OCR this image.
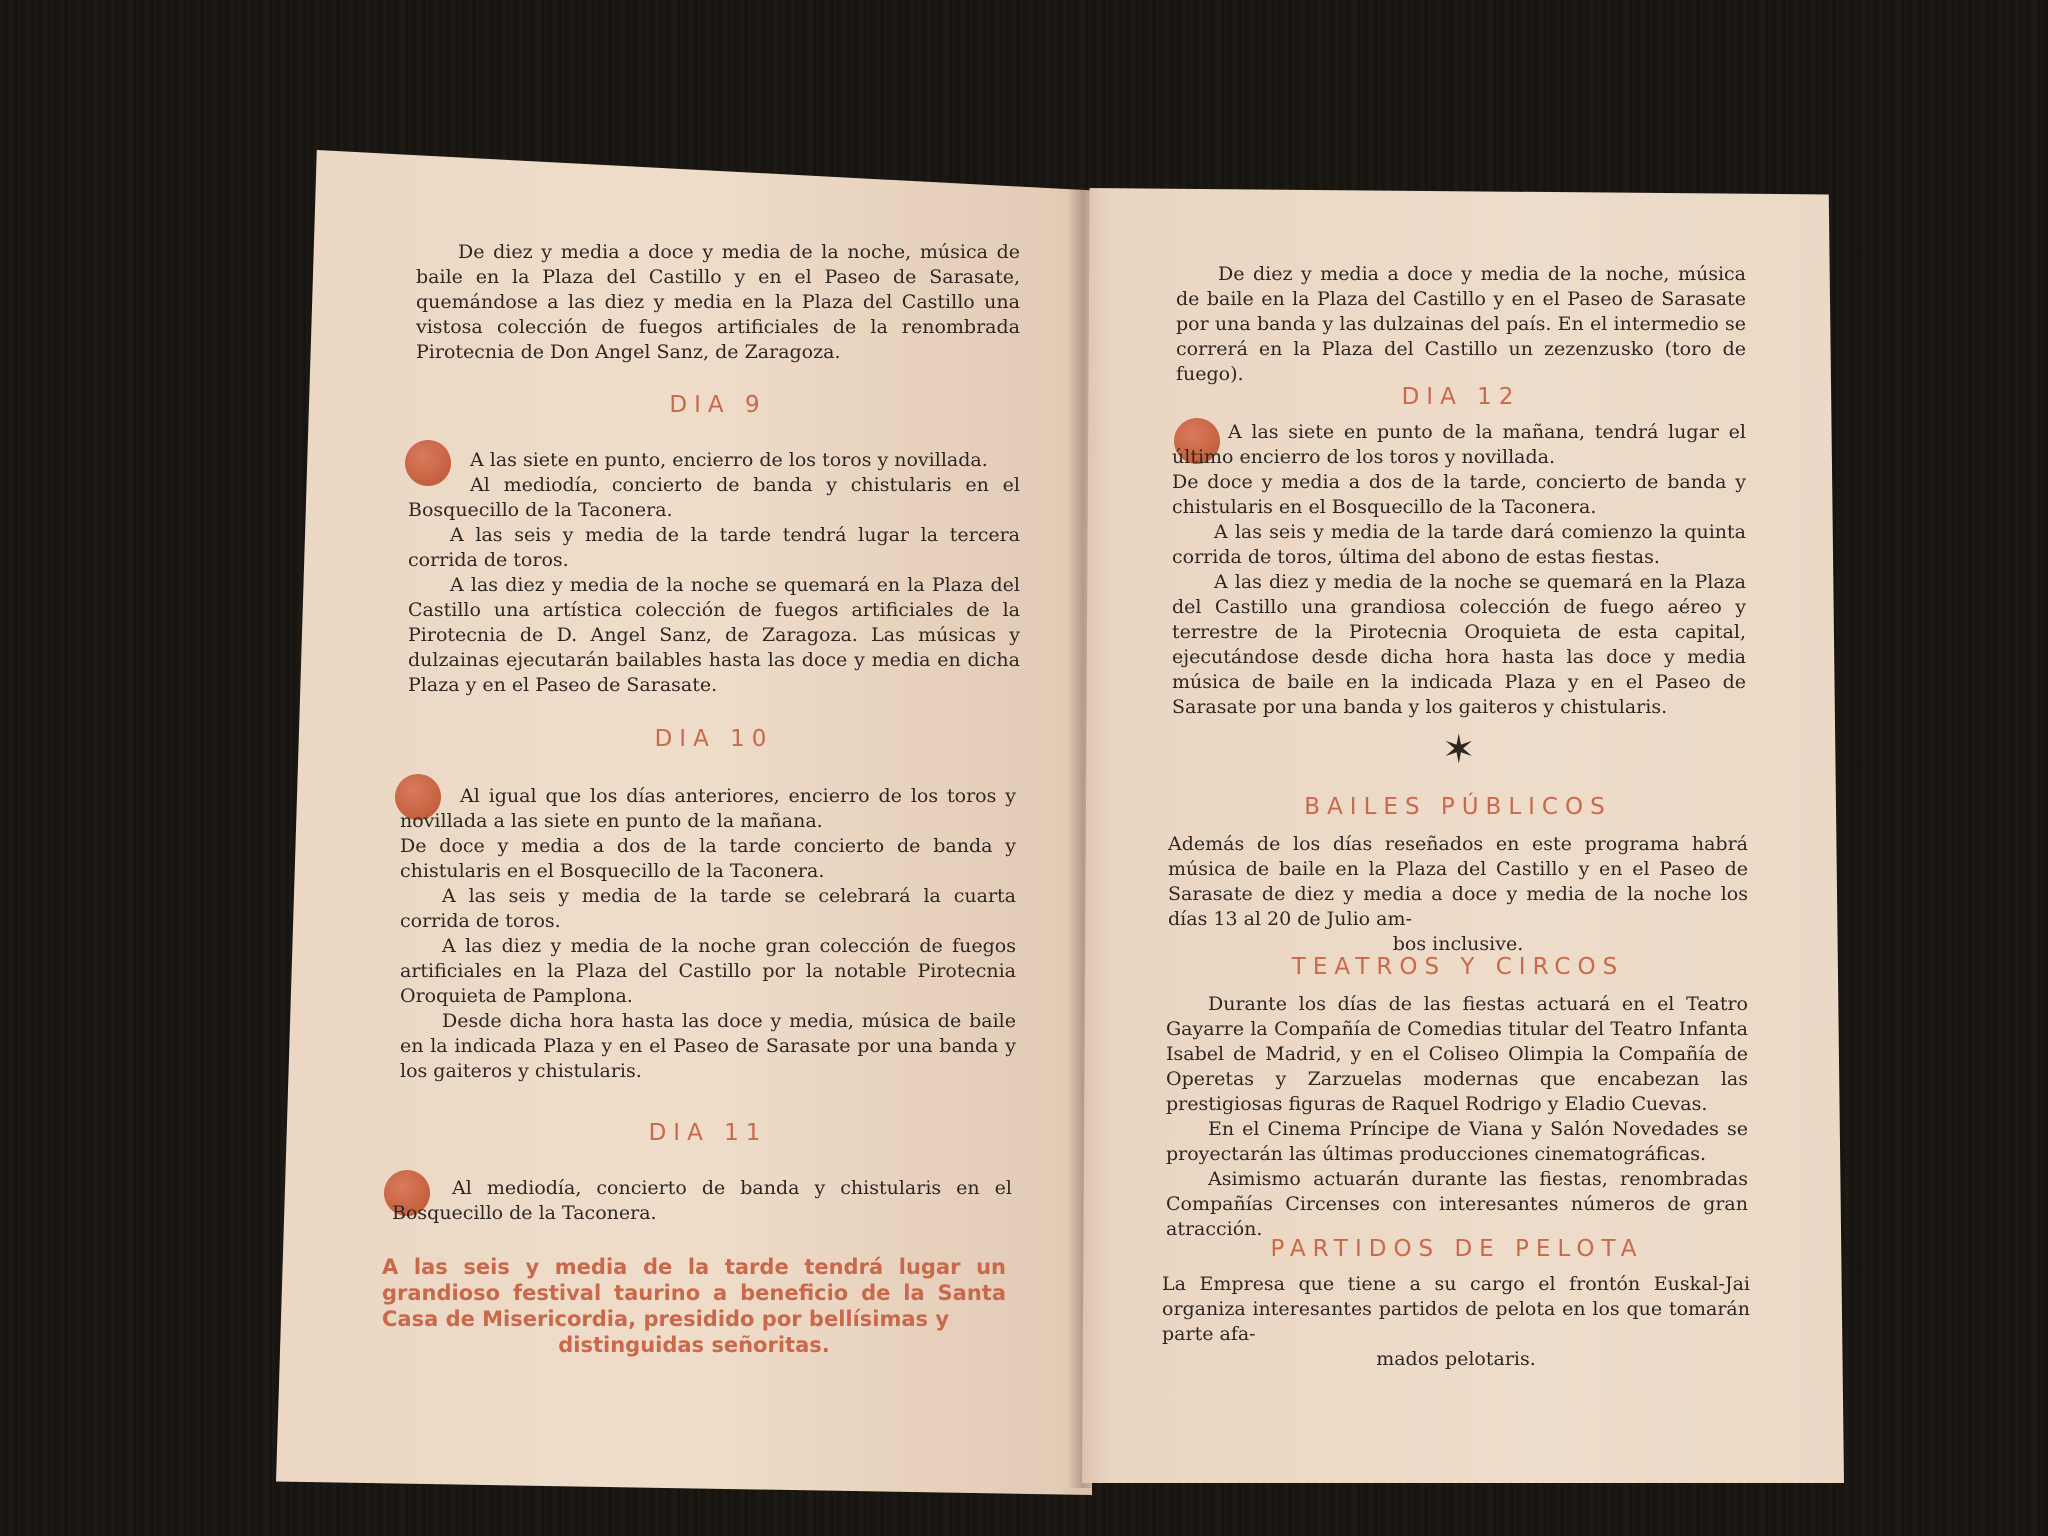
De diez y media a doce y media de la noche, música de baile en la Plaza del Castillo y en el Paseo de Sarasate, quemándose a las diez y media en la Plaza del Castillo una vistosa colección de fuegos artificiales de la renombrada Pirotecnia de Don Angel Sanz, de Zaragoza.

DIA 9

A las siete en punto, encierro de los toros y novillada.

Al mediodía, concierto de banda y chistularis en el Bosquecillo de la Taconera.

A las seis y media de la tarde tendrá lugar la tercera corrida de toros.

A las diez y media de la noche se quemará en la Plaza del Castillo una artística colección de fuegos artificiales de la Pirotecnia de D. Angel Sanz, de Zaragoza. Las músicas y dulzainas ejecutarán bailables hasta las doce y media en dicha Plaza y en el Paseo de Sarasate.

DIA 10

Al igual que los días anteriores, encierro de los toros y novillada a las siete en punto de la mañana.

De doce y media a dos de la tarde concierto de banda y chistularis en el Bosquecillo de la Taconera.

A las seis y media de la tarde se celebrará la cuarta corrida de toros.

A las diez y media de la noche gran colección de fuegos artificiales en la Plaza del Castillo por la notable Pirotecnia Oroquieta de Pamplona.

Desde dicha hora hasta las doce y media, música de baile en la indicada Plaza y en el Paseo de Sarasate por una banda y los gaiteros y chistularis.

DIA 11

Al mediodía, concierto de banda y chistularis en el Bosquecillo de la Taconera.

A las seis y media de la tarde tendrá lugar un grandioso festival taurino a beneficio de la Santa Casa de Misericordia, presidido por bellísimas y
distinguidas señoritas.

De diez y media a doce y media de la noche, música de baile en la Plaza del Castillo y en el Paseo de Sarasate por una banda y las dulzainas del país. En el intermedio se correrá en la Plaza del Castillo un zezenzusko (toro de fuego).

DIA 12

A las siete en punto de la mañana, tendrá lugar el último encierro de los toros y novillada.

De doce y media a dos de la tarde, concierto de banda y chistularis en el Bosquecillo de la Taconera.

A las seis y media de la tarde dará comienzo la quinta corrida de toros, última del abono de estas fiestas.

A las diez y media de la noche se quemará en la Plaza del Castillo una grandiosa colección de fuego aéreo y terrestre de la Pirotecnia Oroquieta de esta capital, ejecutándose desde dicha hora hasta las doce y media música de baile en la indicada Plaza y en el Paseo de Sarasate por una banda y los gaiteros y chistularis.

✶
BAILES PÚBLICOS

Además de los días reseñados en este programa habrá música de baile en la Plaza del Castillo y en el Paseo de Sarasate de diez y media a doce y media de la noche los días 13 al 20 de Julio am-

bos inclusive.

TEATROS Y CIRCOS

Durante los días de las fiestas actuará en el Teatro Gayarre la Compañía de Comedias titular del Teatro Infanta Isabel de Madrid, y en el Coliseo Olimpia la Compañía de Operetas y Zarzuelas modernas que encabezan las prestigiosas figuras de Raquel Rodrigo y Eladio Cuevas.

En el Cinema Príncipe de Viana y Salón Novedades se proyectarán las últimas producciones cinematográficas.

Asimismo actuarán durante las fiestas, renombradas Compañías Circenses con interesantes números de gran atracción.

PARTIDOS DE PELOTA

La Empresa que tiene a su cargo el frontón Euskal-Jai organiza interesantes partidos de pelota en los que tomarán parte afa-

mados pelotaris.
